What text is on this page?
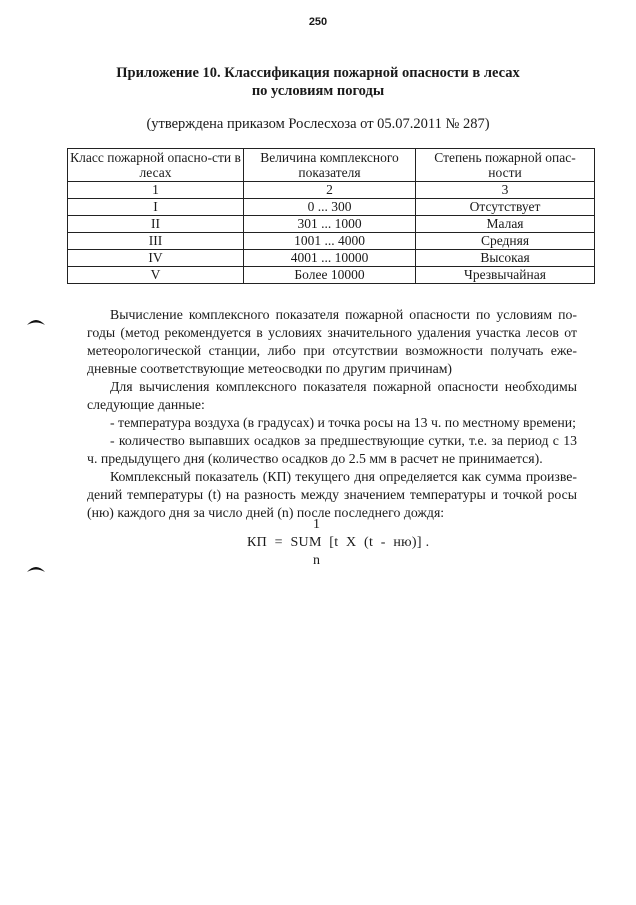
250
Приложение 10. Классификация пожарной опасности в лесах
по условиям погоды
(утверждена приказом Рослесхоза от 05.07.2011 № 287)
Класс пожарной опасно-сти в лесах	Величина комплексного показателя	Степень пожарной опас-ности
1	2	3
I	0 ... 300	Отсутствует
II	301 ... 1000	Малая
III	1001 ... 4000	Средняя
IV	4001 ... 10000	Высокая
V	Более 10000	Чрезвычайная

Вычисление комплексного показателя пожарной опасности по условиям по-годы (метод рекомендуется в условиях значительного удаления участка лесов от метеорологической станции, либо при отсутствии возможности получать еже-дневные соответствующие метеосводки по другим причинам)

Для вычисления комплексного показателя пожарной опасности необходимы следующие данные:

- температура воздуха (в градусах) и точка росы на 13 ч. по местному времени;

- количество выпавших осадков за предшествующие сутки, т.е. за период с 13 ч. предыдущего дня (количество осадков до 2.5 мм в расчет не принимается).

Комплексный показатель (КП) текущего дня определяется как сумма произве-дений температуры (t) на разность между значением температуры и точкой росы (ню) каждого дня за число дней (n) после последнего дождя:

1
КП  =  SUM  [t  X  (t  -  ню)] .
n
